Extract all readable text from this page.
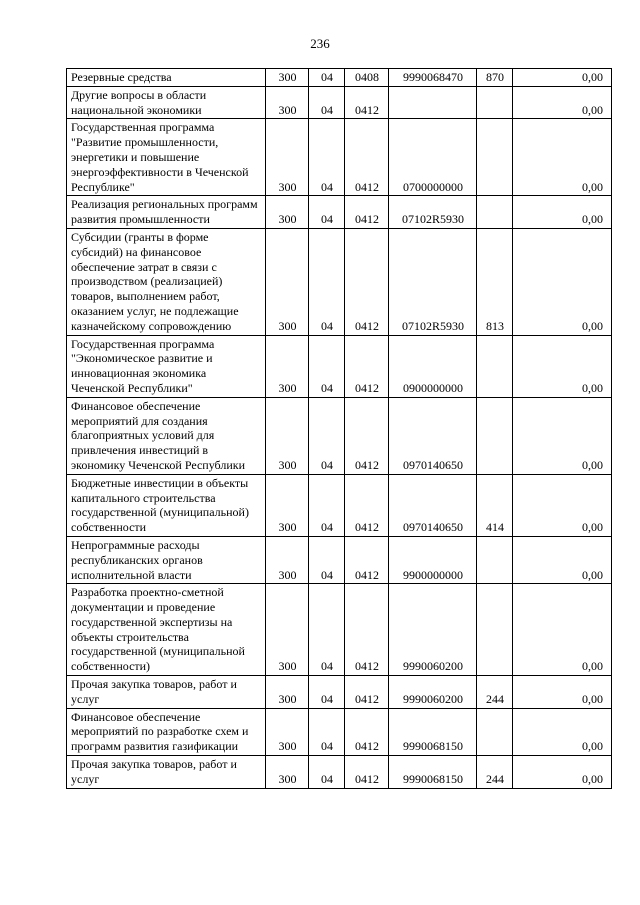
236
Резервные средства	300	04	0408	9990068470	870	0,00
Другие вопросы в области национальной экономики	300	04	0412			0,00
Государственная программа "Развитие промышленности, энергетики и повышение энергоэффективности в Чеченской Республике"	300	04	0412	0700000000		0,00
Реализация региональных программ развития промышленности	300	04	0412	07102R5930		0,00
Субсидии (гранты в форме субсидий) на финансовое обеспечение затрат в связи с производством (реализацией) товаров, выполнением работ, оказанием услуг, не подлежащие казначейскому сопровождению	300	04	0412	07102R5930	813	0,00
Государственная программа "Экономическое развитие и инновационная экономика Чеченской Республики"	300	04	0412	0900000000		0,00
Финансовое обеспечение мероприятий для создания благоприятных условий для привлечения инвестиций в экономику Чеченской Республики	300	04	0412	0970140650		0,00
Бюджетные инвестиции в объекты капитального строительства государственной (муниципальной) собственности	300	04	0412	0970140650	414	0,00
Непрограммные расходы республиканских органов исполнительной власти	300	04	0412	9900000000		0,00
Разработка проектно-сметной документации и проведение государственной экспертизы на объекты строительства государственной (муниципальной собственности)	300	04	0412	9990060200		0,00
Прочая закупка товаров, работ и услуг	300	04	0412	9990060200	244	0,00
Финансовое обеспечение мероприятий по разработке схем и программ развития газификации	300	04	0412	9990068150		0,00
Прочая закупка товаров, работ и услуг	300	04	0412	9990068150	244	0,00
